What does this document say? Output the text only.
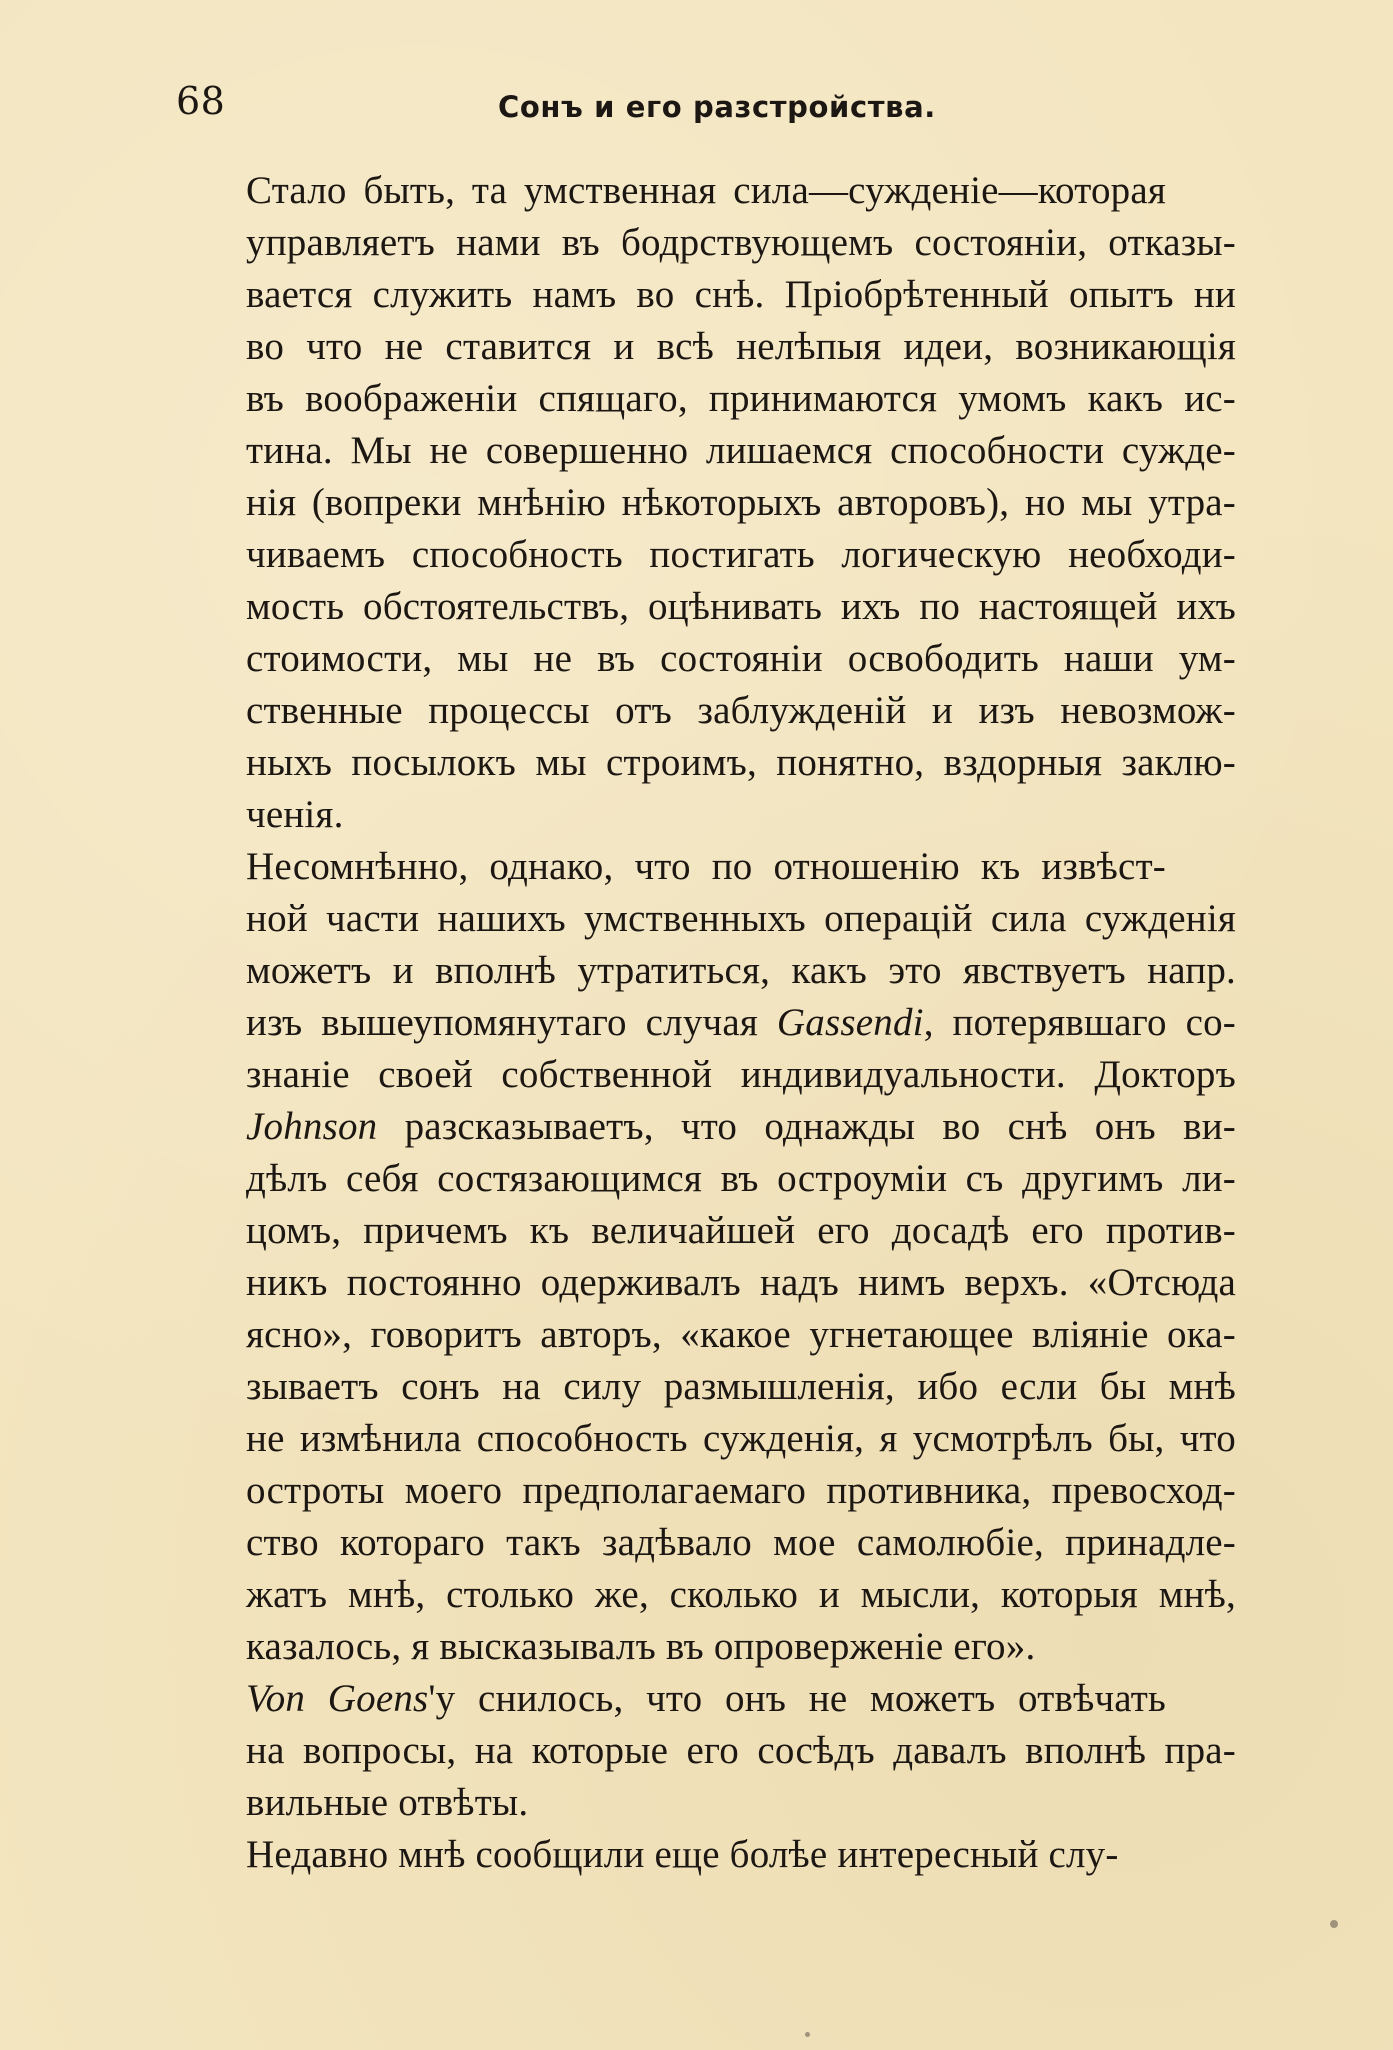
68	Сонъ и его разстройства.

Стало быть, та умственная сила—сужденіе—которая
управляетъ нами въ бодрствующемъ состояніи, отказы-
вается служить намъ во снѣ. Пріобрѣтенный опытъ ни
во что не ставится и всѣ нелѣпыя идеи, возникающія
въ воображеніи спящаго, принимаются умомъ какъ ис-
тина. Мы не совершенно лишаемся способности сужде-
нія (вопреки мнѣнію нѣкоторыхъ авторовъ), но мы утра-
чиваемъ способность постигать логическую необходи-
мость обстоятельствъ, оцѣнивать ихъ по настоящей ихъ
стоимости, мы не въ состояніи освободить наши ум-
ственные процессы отъ заблужденій и изъ невозмож-
ныхъ посылокъ мы строимъ, понятно, вздорныя заклю-
ченія.

Несомнѣнно, однако, что по отношенію къ извѣст-
ной части нашихъ умственныхъ операцій сила сужденія
можетъ и вполнѣ утратиться, какъ это явствуетъ напр.
изъ вышеупомянутаго случая Gassendi, потерявшаго со-
знаніе своей собственной индивидуальности. Докторъ
Johnson разсказываетъ, что однажды во снѣ онъ ви-
дѣлъ себя состязающимся въ остроуміи съ другимъ ли-
цомъ, причемъ къ величайшей его досадѣ его против-
никъ постоянно одерживалъ надъ нимъ верхъ. «Отсюда
ясно», говоритъ авторъ, «какое угнетающее вліяніе ока-
зываетъ сонъ на силу размышленія, ибо если бы мнѣ
не измѣнила способность сужденія, я усмотрѣлъ бы, что
остроты моего предполагаемаго противника, превосход-
ство котораго такъ задѣвало мое самолюбіе, принадле-
жатъ мнѣ, столько же, сколько и мысли, которыя мнѣ,
казалось, я высказывалъ въ опроверженіе его».

Von Goens'у снилось, что онъ не можетъ отвѣчать
на вопросы, на которые его сосѣдъ давалъ вполнѣ пра-
вильные отвѣты.

Недавно мнѣ сообщили еще болѣе интересный слу-
